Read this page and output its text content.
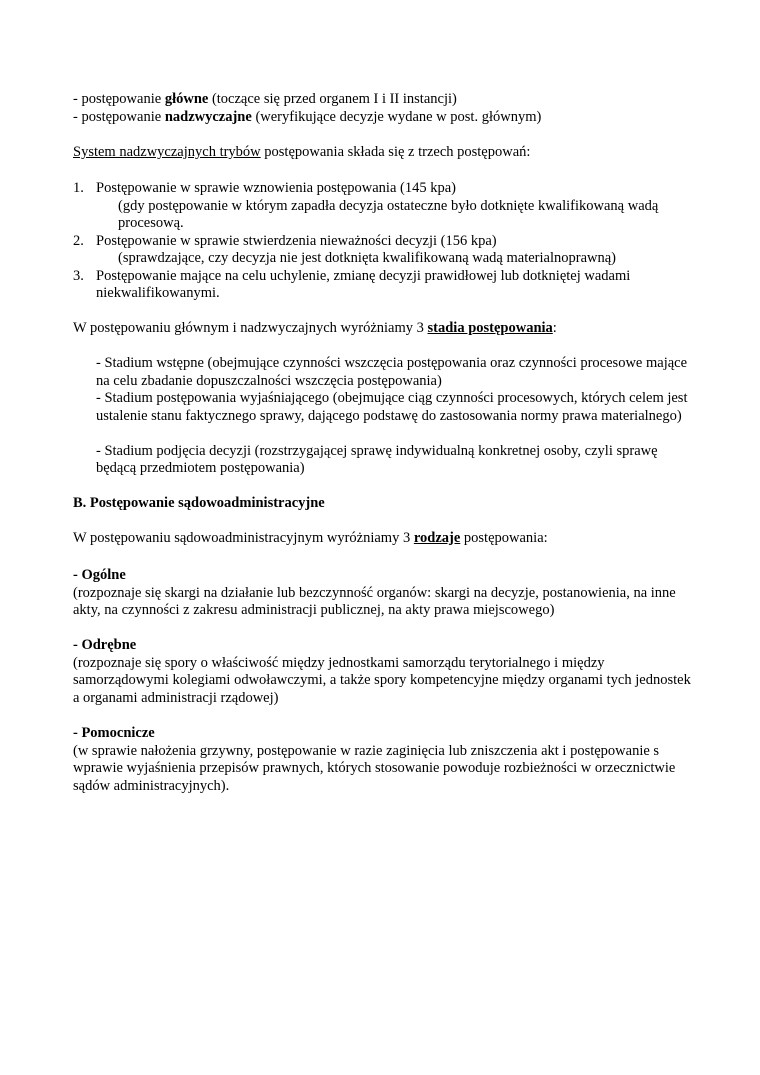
- postępowanie główne (toczące się przed organem I i II instancji)

- postępowanie nadzwyczajne (weryfikujące decyzje wydane w post. głównym)

System nadzwyczajnych trybów postępowania składa się z trzech postępowań:

1. Postępowanie w sprawie wznowienia postępowania (145 kpa)

(gdy postępowanie w którym zapadła decyzja ostateczne było dotknięte kwalifikowaną wadą procesową.

2. Postępowanie w sprawie stwierdzenia nieważności decyzji (156 kpa)

(sprawdzające, czy decyzja nie jest dotknięta kwalifikowaną wadą materialnoprawną)

3. Postępowanie mające na celu uchylenie, zmianę decyzji prawidłowej lub dotkniętej wadami niekwalifikowanymi.

W postępowaniu głównym i nadzwyczajnych wyróżniamy 3 stadia postępowania:

- Stadium wstępne (obejmujące czynności wszczęcia postępowania oraz czynności procesowe mające na celu zbadanie dopuszczalności wszczęcia postępowania)

- Stadium postępowania wyjaśniającego (obejmujące ciąg czynności procesowych, których celem jest ustalenie stanu faktycznego sprawy, dającego podstawę do zastosowania normy prawa materialnego)

- Stadium podjęcia decyzji (rozstrzygającej sprawę indywidualną konkretnej osoby, czyli sprawę będącą przedmiotem postępowania)

B. Postępowanie sądowoadministracyjne

W postępowaniu sądowoadministracyjnym wyróżniamy 3 rodzaje postępowania:

- Ogólne

(rozpoznaje się skargi na działanie lub bezczynność organów: skargi na decyzje, postanowienia, na inne akty, na czynności z zakresu administracji publicznej, na akty prawa miejscowego)

- Odrębne

(rozpoznaje się spory o właściwość między jednostkami samorządu terytorialnego i między samorządowymi kolegiami odwoławczymi, a także spory kompetencyjne między organami tych jednostek a organami administracji rządowej)

- Pomocnicze

(w sprawie nałożenia grzywny, postępowanie w razie zaginięcia lub zniszczenia akt i postępowanie s wprawie wyjaśnienia przepisów prawnych, których stosowanie powoduje rozbieżności w orzecznictwie sądów administracyjnych).
